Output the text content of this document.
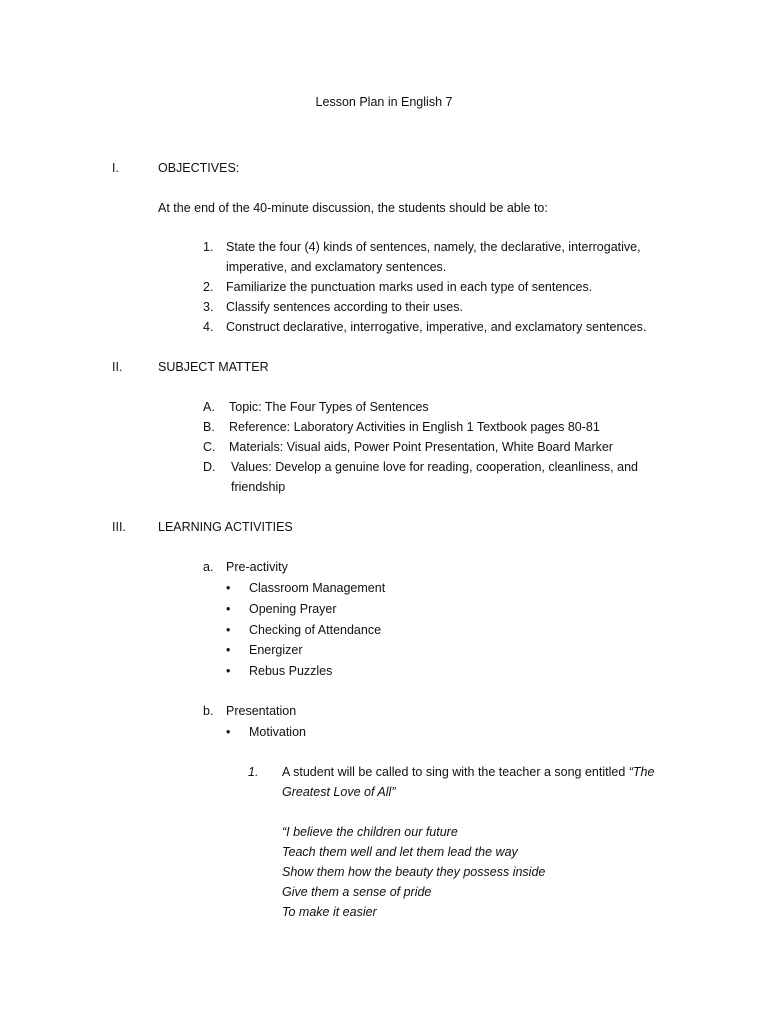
Lesson Plan in English 7
I.	OBJECTIVES:
At the end of the 40-minute discussion, the students should be able to:
1. State the four (4) kinds of sentences, namely, the declarative, interrogative,
imperative, and exclamatory sentences.
2. Familiarize the punctuation marks used in each type of sentences.
3. Classify sentences according to their uses.
4. Construct declarative, interrogative, imperative, and exclamatory sentences.
II.	SUBJECT MATTER
A. Topic: The Four Types of Sentences
B. Reference: Laboratory Activities in English 1 Textbook pages 80-81
C. Materials: Visual aids, Power Point Presentation, White Board Marker
D. Values: Develop a genuine love for reading, cooperation, cleanliness, and
friendship
III.	LEARNING ACTIVITIES
a. Pre-activity
• Classroom Management
• Opening Prayer
• Checking of Attendance
• Energizer
• Rebus Puzzles
b. Presentation
• Motivation
1. A student will be called to sing with the teacher a song entitled “The
Greatest Love of All”
“I believe the children our future
Teach them well and let them lead the way
Show them how the beauty they possess inside
Give them a sense of pride
To make it easier
